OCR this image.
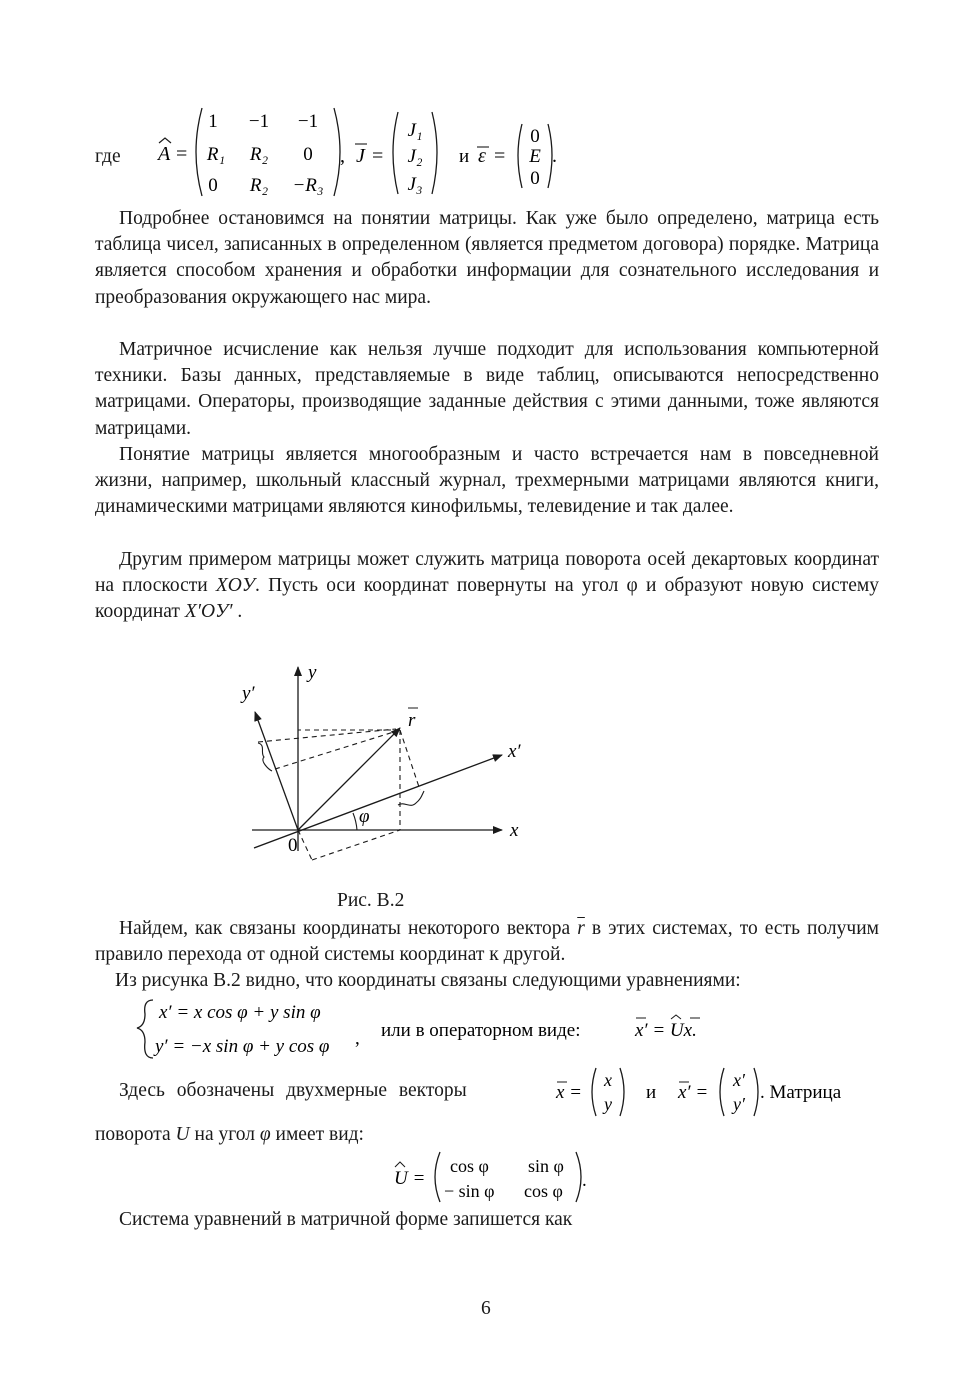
где A =
1 −1 −1
R₁ R₂ 0
0 R₂ −R₃
, J =
J₁
J₂
J₃
и ε =
0
E
0
.

Подробнее остановимся на понятии матрицы. Как уже было определено, матрица есть таблица чисел, записанных в определенном (является предметом договора) порядке. Матрица является способом хранения и обработки информации для сознательного исследования и преобразования окружающего нас мира.

Матричное исчисление как нельзя лучше подходит для использования компьютерной техники. Базы данных, представляемые в виде таблиц, описываются непосредственно матрицами. Операторы, производящие заданные действия с этими данными, тоже являются матрицами.

Понятие матрицы является многообразным и часто встречается нам в повседневной жизни, например, школьный классный журнал, трехмерными матрицами являются книги, динамическими матрицами являются кинофильмы, телевидение и так далее.

Другим примером матрицы может служить матрица поворота осей декартовых координат на плоскости XOУ. Пусть оси координат повернуты на угол φ и образуют новую систему координат X′OУ′ .

y
y′
x
x′
r
φ
0
Рис. В.2

Найдем, как связаны координаты некоторого вектора $\overline{r}$ в этих системах, то есть получим правило перехода от одной системы координат к другой.

Из рисунка В.2 видно, что координаты связаны следующими уравнениями:

x′ = x cos φ + y sin φ
y′ = −x sin φ + y cos φ , или в операторном виде:	x′ = Ux.
Здесь обозначены двухмерные векторы	x =
x
y
и x′ =
x′
y′
. Матрица
поворота U на угол φ имеет вид:
U =
cos φ sin φ
− sin φ cos φ .
Система уравнений в матричной форме запишется как
6
